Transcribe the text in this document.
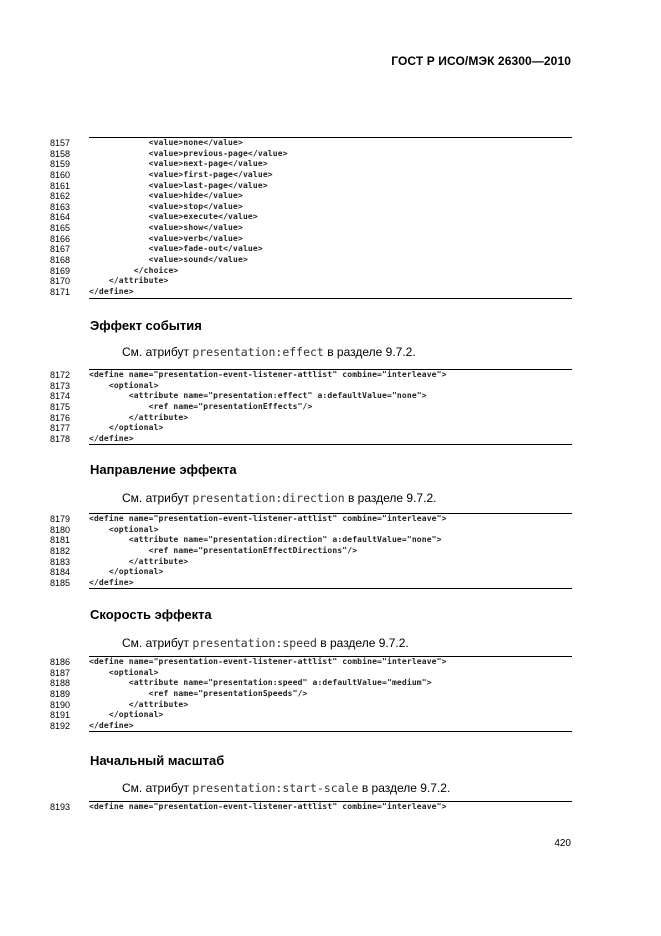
ГОСТ Р ИСО/МЭК 26300—2010
8157	<value>none</value>
8158	<value>previous-page</value>
8159	<value>next-page</value>
8160	<value>first-page</value>
8161	<value>last-page</value>
8162	<value>hide</value>
8163	<value>stop</value>
8164	<value>execute</value>
8165	<value>show</value>
8166	<value>verb</value>
8167	<value>fade-out</value>
8168	<value>sound</value>
8169	</choice>
8170	</attribute>
8171	</define>
Эффект события
См. атрибут presentation:effect в разделе 9.7.2.
8172	<define name="presentation-event-listener-attlist" combine="interleave">
8173	<optional>
8174	<attribute name="presentation:effect" a:defaultValue="none">
8175	<ref name="presentationEffects"/>
8176	</attribute>
8177	</optional>
8178	</define>
Направление эффекта
См. атрибут presentation:direction в разделе 9.7.2.
8179	<define name="presentation-event-listener-attlist" combine="interleave">
8180	<optional>
8181	<attribute name="presentation:direction" a:defaultValue="none">
8182	<ref name="presentationEffectDirections"/>
8183	</attribute>
8184	</optional>
8185	</define>
Скорость эффекта
См. атрибут presentation:speed в разделе 9.7.2.
8186	<define name="presentation-event-listener-attlist" combine="interleave">
8187	<optional>
8188	<attribute name="presentation:speed" a:defaultValue="medium">
8189	<ref name="presentationSpeeds"/>
8190	</attribute>
8191	</optional>
8192	</define>
Начальный масштаб
См. атрибут presentation:start-scale в разделе 9.7.2.
8193	<define name="presentation-event-listener-attlist" combine="interleave">
420
